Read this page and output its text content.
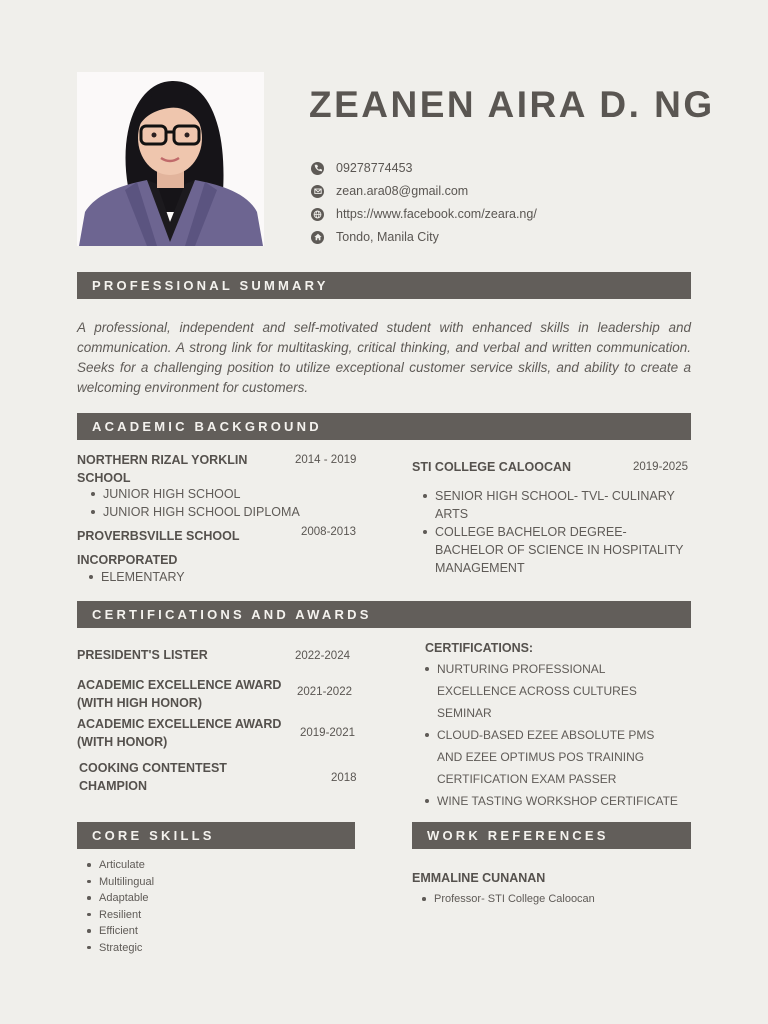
ZEANEN AIRA D. NG
09278774453
zean.ara08@gmail.com
https://www.facebook.com/zeara.ng/
Tondo, Manila City
PROFESSIONAL SUMMARY
A professional, independent and self-motivated student with enhanced skills in leadership and communication. A strong link for multitasking, critical thinking, and verbal and written communication. Seeks for a challenging position to utilize exceptional customer service skills, and ability to create a welcoming environment for customers.
ACADEMIC BACKGROUND
NORTHERN RIZAL YORKLIN SCHOOL
2014 - 2019
JUNIOR HIGH SCHOOL
JUNIOR HIGH SCHOOL DIPLOMA
PROVERBSVILLE SCHOOL INCORPORATED
2008-2013
ELEMENTARY
STI COLLEGE CALOOCAN	2019-2025
SENIOR HIGH SCHOOL- TVL- CULINARY ARTS
COLLEGE BACHELOR DEGREE- BACHELOR OF SCIENCE IN HOSPITALITY MANAGEMENT
CERTIFICATIONS AND AWARDS
PRESIDENT'S LISTER	2022-2024
ACADEMIC EXCELLENCE AWARD (WITH HIGH HONOR)
2021-2022
ACADEMIC EXCELLENCE AWARD (WITH HONOR)
2019-2021
COOKING CONTENTEST CHAMPION
2018
CERTIFICATIONS:
NURTURING PROFESSIONAL EXCELLENCE ACROSS CULTURES SEMINAR
CLOUD-BASED EZEE ABSOLUTE PMS AND EZEE OPTIMUS POS TRAINING CERTIFICATION EXAM PASSER
WINE TASTING WORKSHOP CERTIFICATE
CORE SKILLS
Articulate
Multilingual
Adaptable
Resilient
Efficient
Strategic
WORK REFERENCES
EMMALINE CUNANAN
Professor- STI College Caloocan
